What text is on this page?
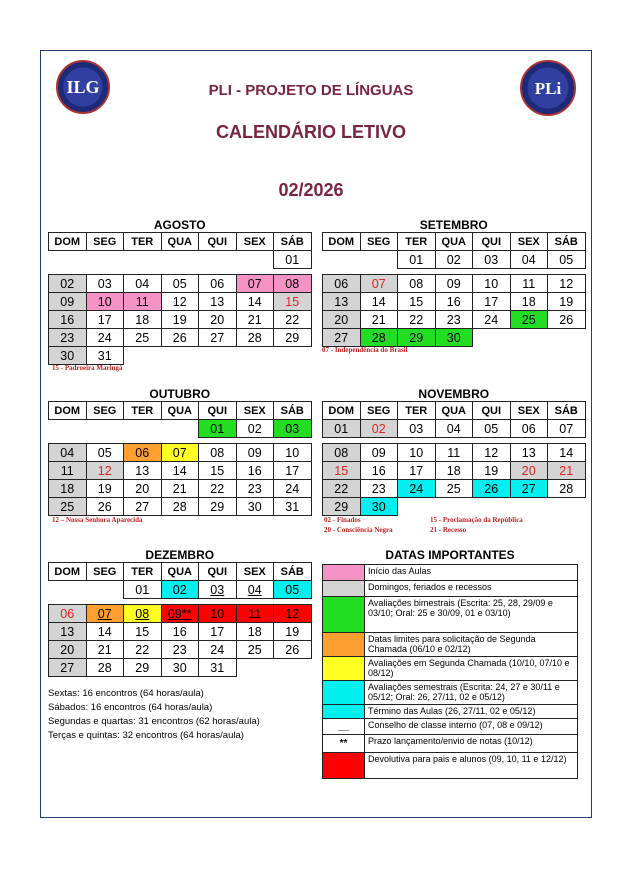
ILG	PLi
PLI - PROJETO DE LÍNGUAS
CALENDÁRIO LETIVO
02/2026
AGOSTO
DOM	SEG	TER	QUA	QUI	SEX	SÁB
						01

02	03	04	05	06	07	08
09	10	11	12	13	14	15
16	17	18	19	20	21	22
23	24	25	26	27	28	29
30	31					
15 - Padroeira Maringá
SETEMBRO
DOM	SEG	TER	QUA	QUI	SEX	SÁB
		01	02	03	04	05

06	07	08	09	10	11	12
13	14	15	16	17	18	19
20	21	22	23	24	25	26
27	28	29	30			
07 - Independência do Brasil
OUTUBRO
DOM	SEG	TER	QUA	QUI	SEX	SÁB
				01	02	03

04	05	06	07	08	09	10
11	12	13	14	15	16	17
18	19	20	21	22	23	24
25	26	27	28	29	30	31
12 – Nossa Senhora Aparecida
NOVEMBRO
DOM	SEG	TER	QUA	QUI	SEX	SÁB
01	02	03	04	05	06	07

08	09	10	11	12	13	14
15	16	17	18	19	20	21
22	23	24	25	26	27	28
29	30					
02 - Finados
20 - Consciência Negra
15 - Proclamação da República
21 - Recesso
DEZEMBRO
DOM	SEG	TER	QUA	QUI	SEX	SÁB
		01	02	03	04	05

06	07	08	09**	10	11	12
13	14	15	16	17	18	19
20	21	22	23	24	25	26
27	28	29	30	31		
Sextas: 16 encontros (64 horas/aula)
Sábados: 16 encontros (64 horas/aula)
Segundas e quartas: 31 encontros (62 horas/aula)
Terças e quintas: 32 encontros (64 horas/aula)
DATAS IMPORTANTES
	Início das Aulas
	Domingos, feriados e recessos
	Avaliações bimestrais (Escrita: 25, 28, 29/09 e 03/10; Oral: 25 e 30/09, 01 e 03/10)
	Datas limites para solicitação de Segunda Chamada (06/10 e 02/12)
	Avaliações em Segunda Chamada (10/10, 07/10 e 08/12)
	Avaliações semestrais (Escrita: 24, 27 e 30/11 e 05/12; Oral: 26, 27/11, 02 e 05/12)
	Término das Aulas (26, 27/11, 02 e 05/12)
__	Conselho de classe interno (07, 08 e 09/12)
**	Prazo lançamento/envio de notas (10/12)
	Devolutiva para pais e alunos (09, 10, 11 e 12/12)
